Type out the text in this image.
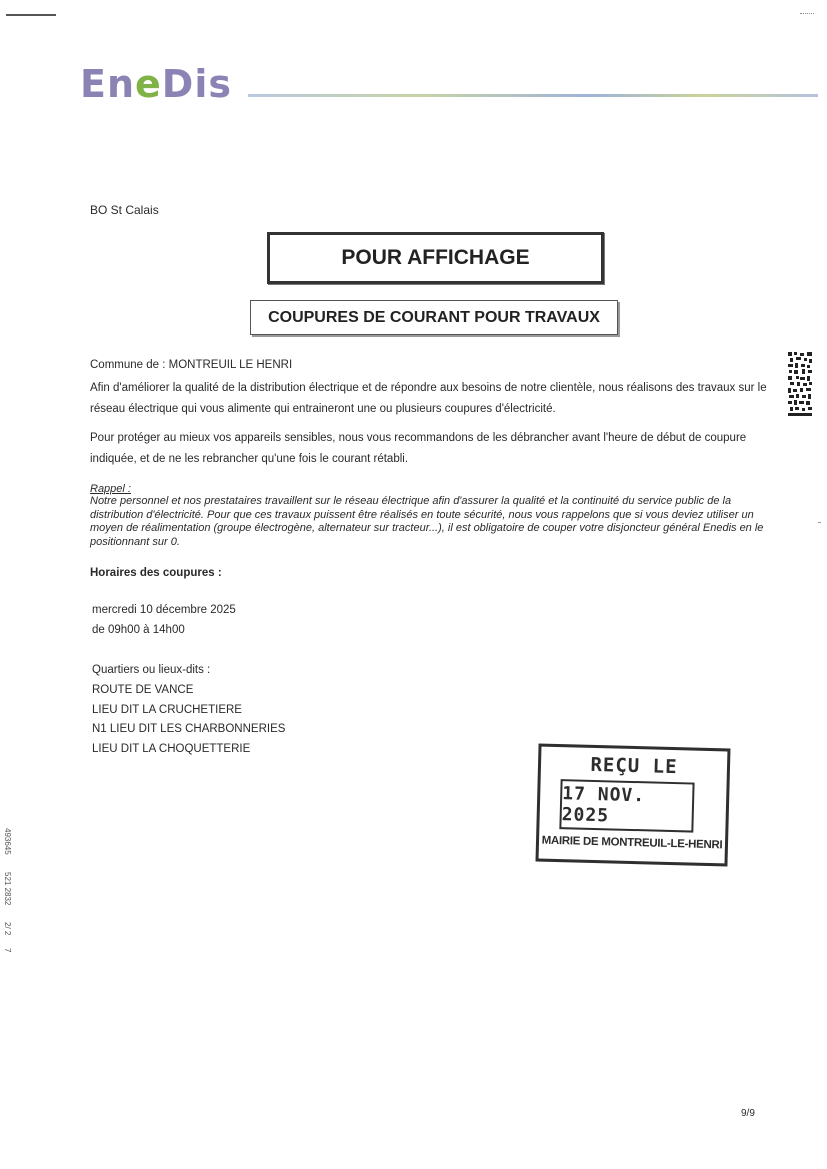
EneDis
BO St Calais
POUR AFFICHAGE
COUPURES DE COURANT POUR TRAVAUX
Commune de : MONTREUIL LE HENRI
Afin d'améliorer la qualité de la distribution électrique et de répondre aux besoins de notre clientèle, nous réalisons des travaux sur le réseau électrique qui vous alimente qui entraineront une ou plusieurs coupures d'électricité.
Pour protéger au mieux vos appareils sensibles, nous vous recommandons de les débrancher avant l'heure de début de coupure indiquée, et de ne les rebrancher qu'une fois le courant rétabli.
Rappel :
Notre personnel et nos prestataires travaillent sur le réseau électrique afin d'assurer la qualité et la continuité du service public de la distribution d'électricité. Pour que ces travaux puissent être réalisés en toute sécurité, nous vous rappelons que si vous deviez utiliser un moyen de réalimentation (groupe électrogène, alternateur sur tracteur...), il est obligatoire de couper votre disjoncteur général Enedis en le positionnant sur 0.
Horaires des coupures :
mercredi 10 décembre 2025
de 09h00 à 14h00
Quartiers ou lieux-dits :
ROUTE DE VANCE
LIEU DIT LA CRUCHETIERE
N1 LIEU DIT LES CHARBONNERIES
LIEU DIT LA CHOQUETTERIE
493645
521 2832
2/ 2
7
REÇU LE
17 NOV. 2025
MAIRIE DE MONTREUIL-LE-HENRI
9/9
